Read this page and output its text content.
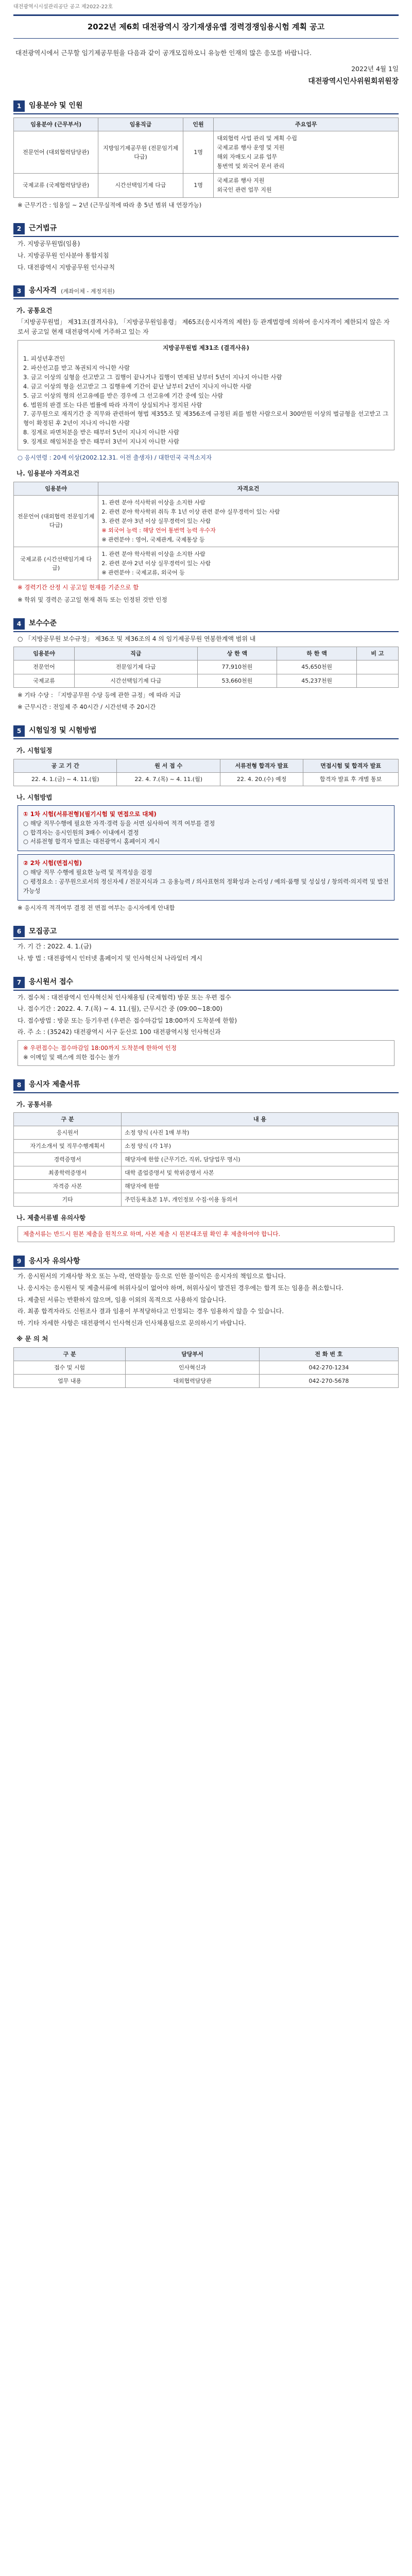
대전광역시시설관리공단 공고 제2022-22호
2022년 제6회 대전광역시 장기재생유앱 경력경쟁임용시험 계획 공고
대전광역시에서 근무할 임기제공무원을 다음과 같이 공개모집하오니 유능한 인재의 많은 응모를 바랍니다.
2022년 4월 1일
대전광역시인사위원회위원장
1	임용분야 및 인원
임용분야 (근무부서)	임용직급	인원	주요업무
전문언어 (대외협력담당관)	지방임기제공무원 (전문임기제 다급)	1명	대외협력 사업 관리 및 계획 수립
국제교류 행사 운영 및 지원
해외 자매도시 교류 업무
통번역 및 외국어 문서 관리

국제교류 (국제협력담당관)	시간선택임기제 다급	1명	국제교류 행사 지원
외국인 관련 업무 지원
※ 근무기간 : 임용일 ~ 2년 (근무실적에 따라 총 5년 범위 내 연장가능)
2	근거법규

가. 지방공무원법(임용)

나. 지방공무원 인사분야 통합지침

다. 대전광역시 지방공무원 인사규칙

3	응시자격 (계좌이체 - 계정지원)
가. 공통요건

「지방공무원법」 제31조(결격사유), 「지방공무원임용령」 제65조(응시자격의 제한) 등 관계법령에 의하여 응시자격이 제한되지 않은 자로서 공고일 현재 대전광역시에 거주하고 있는 자

지방공무원법 제31조 (결격사유)
1. 피성년후견인
2. 파산선고를 받고 복권되지 아니한 사람
3. 금고 이상의 실형을 선고받고 그 집행이 끝나거나 집행이 면제된 날부터 5년이 지나지 아니한 사람
4. 금고 이상의 형을 선고받고 그 집행유예 기간이 끝난 날부터 2년이 지나지 아니한 사람
5. 금고 이상의 형의 선고유예를 받은 경우에 그 선고유예 기간 중에 있는 사람
6. 법원의 판결 또는 다른 법률에 따라 자격이 상실되거나 정지된 사람
7. 공무원으로 재직기간 중 직무와 관련하여 형법 제355조 및 제356조에 규정된 죄를 범한 사람으로서 300만원 이상의 벌금형을 선고받고 그 형이 확정된 후 2년이 지나지 아니한 사람
8. 징계로 파면처분을 받은 때부터 5년이 지나지 아니한 사람
9. 징계로 해임처분을 받은 때부터 3년이 지나지 아니한 사람
○ 응시연령 : 20세 이상(2002.12.31. 이전 출생자) / 대한민국 국적소지자
나. 임용분야 자격요건
임용분야	자격요건
전문언어 (대외협력 전문임기제 다급)	1. 관련 분야 석사학위 이상을 소지한 사람
2. 관련 분야 학사학위 취득 후 1년 이상 관련 분야 실무경력이 있는 사람
3. 관련 분야 3년 이상 실무경력이 있는 사람
※ 외국어 능력 : 해당 언어 통번역 능력 우수자
※ 관련분야 : 영어, 국제관계, 국제통상 등

국제교류 (시간선택임기제 다급)	1. 관련 분야 학사학위 이상을 소지한 사람
2. 관련 분야 2년 이상 실무경력이 있는 사람
※ 관련분야 : 국제교류, 외국어 등
※ 경력기간 산정 시 공고일 현재를 기준으로 함
※ 학위 및 경력은 공고일 현재 취득 또는 인정된 것만 인정
4	보수수준

○ 「지방공무원 보수규정」 제36조 및 제36조의 4 의 임기제공무원 연봉한계액 범위 내

임용분야	직급	상 한 액	하 한 액	비 고
전문언어	전문임기제 다급	77,910천원	45,650천원	
국제교류	시간선택임기제 다급	53,660천원	45,237천원	
※ 기타 수당 : 「지방공무원 수당 등에 관한 규정」에 따라 지급
※ 근무시간 : 전일제 주 40시간 / 시간선택 주 20시간
5	시험일정 및 시험방법
가. 시험일정
공 고 기 간	원 서 접 수	서류전형 합격자 발표	면접시험 및 합격자 발표
22. 4. 1.(금) ~ 4. 11.(월)	22. 4. 7.(목) ~ 4. 11.(월)	22. 4. 20.(수) 예정	합격자 발표 후 개별 통보
나. 시험방법
① 1차 시험(서류전형)(필기시험 및 면접으로 대체)
○ 해당 직무수행에 필요한 자격·경력 등을 서면 심사하여 적격 여부를 결정
○ 합격자는 응시인원의 3배수 이내에서 결정
○ 서류전형 합격자 발표는 대전광역시 홈페이지 게시
② 2차 시험(면접시험)
○ 해당 직무 수행에 필요한 능력 및 적격성을 검정
○ 평정요소 : 공무원으로서의 정신자세 / 전문지식과 그 응용능력 / 의사표현의 정확성과 논리성 / 예의·품행 및 성실성 / 창의력·의지력 및 발전가능성
※ 응시자격 적격여부 결정 전 면접 여부는 응시자에게 안내함
6	모집공고

가. 기 간 : 2022. 4. 1.(금)

나. 방 법 : 대전광역시 인터넷 홈페이지 및 인사혁신처 나라일터 게시

7	응시원서 접수

가. 접수처 : 대전광역시 인사혁신처 인사채용팀 (국제협력) 방문 또는 우편 접수

나. 접수기간 : 2022. 4. 7.(목) ~ 4. 11.(월), 근무시간 중 (09:00~18:00)

다. 접수방법 : 방문 또는 등기우편 (우편은 접수마감일 18:00까지 도착분에 한함)

라. 주 소 : (35242) 대전광역시 서구 둔산로 100 대전광역시청 인사혁신과

※ 우편접수는 접수마감일 18:00까지 도착분에 한하여 인정
※ 이메일 및 팩스에 의한 접수는 불가
8	응시자 제출서류
가. 공통서류
구 분	내 용
응시원서	소정 양식 (사진 1매 부착)
자기소개서 및 직무수행계획서	소정 양식 (각 1부)
경력증명서	해당자에 한함 (근무기간, 직위, 담당업무 명시)
최종학력증명서	대학 졸업증명서 및 학위증명서 사본
자격증 사본	해당자에 한함
기타	주민등록초본 1부, 개인정보 수집·이용 동의서
나. 제출서류별 유의사항
제출서류는 반드시 원본 제출을 원칙으로 하며, 사본 제출 시 원본대조필 확인 후 제출하여야 합니다.
9	응시자 유의사항

가. 응시원서의 기재사항 착오 또는 누락, 연락불능 등으로 인한 불이익은 응시자의 책임으로 합니다.

나. 응시자는 응시원서 및 제출서류에 허위사실이 없어야 하며, 허위사실이 발견된 경우에는 합격 또는 임용을 취소합니다.

다. 제출된 서류는 반환하지 않으며, 임용 이외의 목적으로 사용하지 않습니다.

라. 최종 합격자라도 신원조사 결과 임용이 부적당하다고 인정되는 경우 임용하지 않을 수 있습니다.

마. 기타 자세한 사항은 대전광역시 인사혁신과 인사채용팀으로 문의하시기 바랍니다.

※ 문 의 처
구 분	담당부서	전 화 번 호
접수 및 시험	인사혁신과	042-270-1234
업무 내용	대외협력담당관	042-270-5678
